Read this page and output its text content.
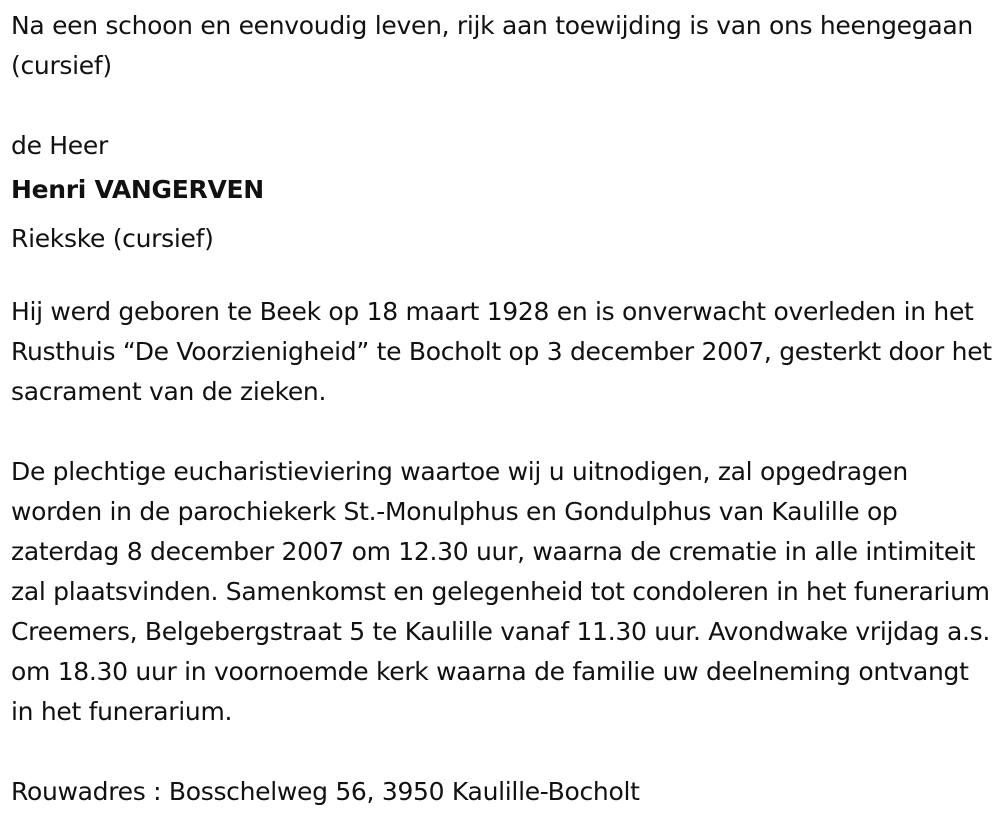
Na een schoon en eenvoudig leven, rijk aan toewijding is van ons heengegaan (cursief)

de Heer

Henri VANGERVEN

Riekske (cursief)

Hij werd geboren te Beek op 18 maart 1928 en is onverwacht overleden in het Rusthuis “De Voorzienigheid” te Bocholt op 3 december 2007, gesterkt door het sacrament van de zieken.

De plechtige eucharistieviering waartoe wij u uitnodigen, zal opgedragen worden in de parochiekerk St.-Monulphus en Gondulphus van Kaulille op zaterdag 8 december 2007 om 12.30 uur, waarna de crematie in alle intimiteit zal plaatsvinden. Samenkomst en gelegenheid tot condoleren in het funerarium Creemers, Belgebergstraat 5 te Kaulille vanaf 11.30 uur. Avondwake vrijdag a.s. om 18.30 uur in voornoemde kerk waarna de familie uw deelneming ontvangt in het funerarium.

Rouwadres : Bosschelweg 56, 3950 Kaulille-Bocholt
